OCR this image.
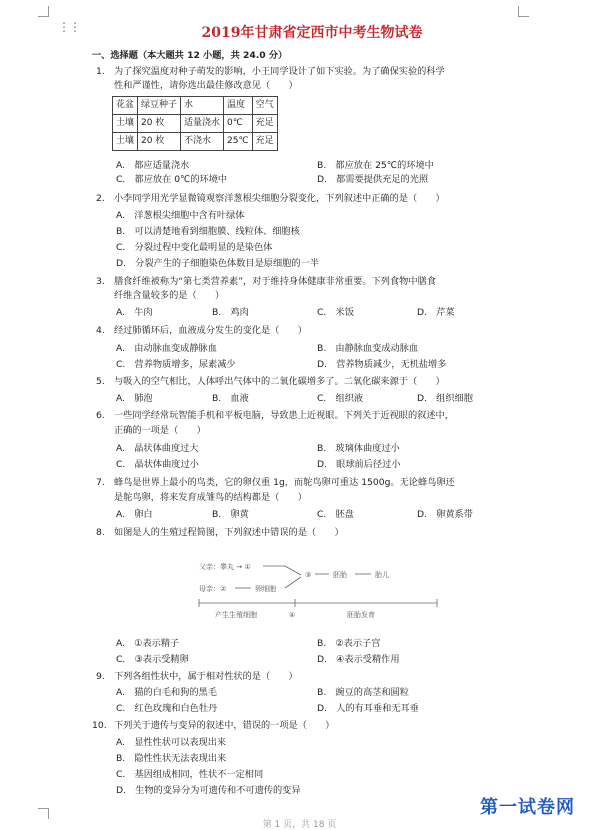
⋮⋮	2019年甘肃省定西市中考生物试卷
一、选择题（本大题共 12 小题，共 24.0 分）
1. 为了探究温度对种子萌发的影响，小王同学设计了如下实验。为了确保实验的科学
性和严谨性，请你选出最佳修改意见（　　）
花盆	绿豆种子	水	温度	空气
土壤	20 枚	适量浇水	0℃	充足
土壤	20 枚	不浇水	25℃	充足
A.　都应适量浇水	B.　都应放在 25℃的环境中
C.　都应放在 0℃的环境中	D.　都需要提供充足的光照
2. 小李同学用光学显微镜观察洋葱根尖细胞分裂变化，下列叙述中正确的是（　　）
A.　洋葱根尖细胞中含有叶绿体
B.　可以清楚地看到细胞膜、线粒体、细胞核
C.　分裂过程中变化最明显的是染色体
D.　分裂产生的子细胞染色体数目是原细胞的一半
3. 膳食纤维被称为“第七类营养素”，对于维持身体健康非常重要。下列食物中膳食
纤维含量较多的是（　　）
A.　牛肉	B.　鸡肉	C.　米饭	D.　芹菜
4. 经过肺循环后，血液成分发生的变化是（　　）
A.　由动脉血变成静脉血	B.　由静脉血变成动脉血
C.　营养物质增多，尿素减少	D.　营养物质减少，无机盐增多
5. 与吸入的空气相比，人体呼出气体中的二氧化碳增多了。二氧化碳来源于（　　）
A.　肺泡	B.　血液	C.　组织液	D.　组织细胞
6. 一些同学经常玩智能手机和平板电脑，导致患上近视眼。下列关于近视眼的叙述中，
正确的一项是（　　）
A.　晶状体曲度过大	B.　玻璃体曲度过小
C.　晶状体曲度过小	D.　眼球前后径过小
7. 蜂鸟是世界上最小的鸟类，它的卵仅重 1g，而鸵鸟卵可重达 1500g。无论蜂鸟卵还
是鸵鸟卵，将来发育成雏鸟的结构都是（　　）
A.　卵白	B.　卵黄	C.　胚盘	D.　卵黄系带
8. 如图是人的生殖过程简图，下列叙述中错误的是（　　）
父亲：睾丸 → ①
③	胚胎	胎儿
母亲：②	卵细胞
产生生殖细胞	④	胚胎发育
A.　①表示精子	B.　②表示子宫
C.　③表示受精卵	D.　④表示受精作用
9. 下列各组性状中，属于相对性状的是（　　）
A.　猫的白毛和狗的黑毛	B.　豌豆的高茎和圆粒
C.　红色玫瑰和白色牡丹	D.　人的有耳垂和无耳垂
10. 下列关于遗传与变异的叙述中，错误的一项是（　　）
A.　显性性状可以表现出来
B.　隐性性状无法表现出来
C.　基因组成相同，性状不一定相同
D.　生物的变异分为可遗传和不可遗传的变异
第一试卷网
第 1 页，共 18 页
